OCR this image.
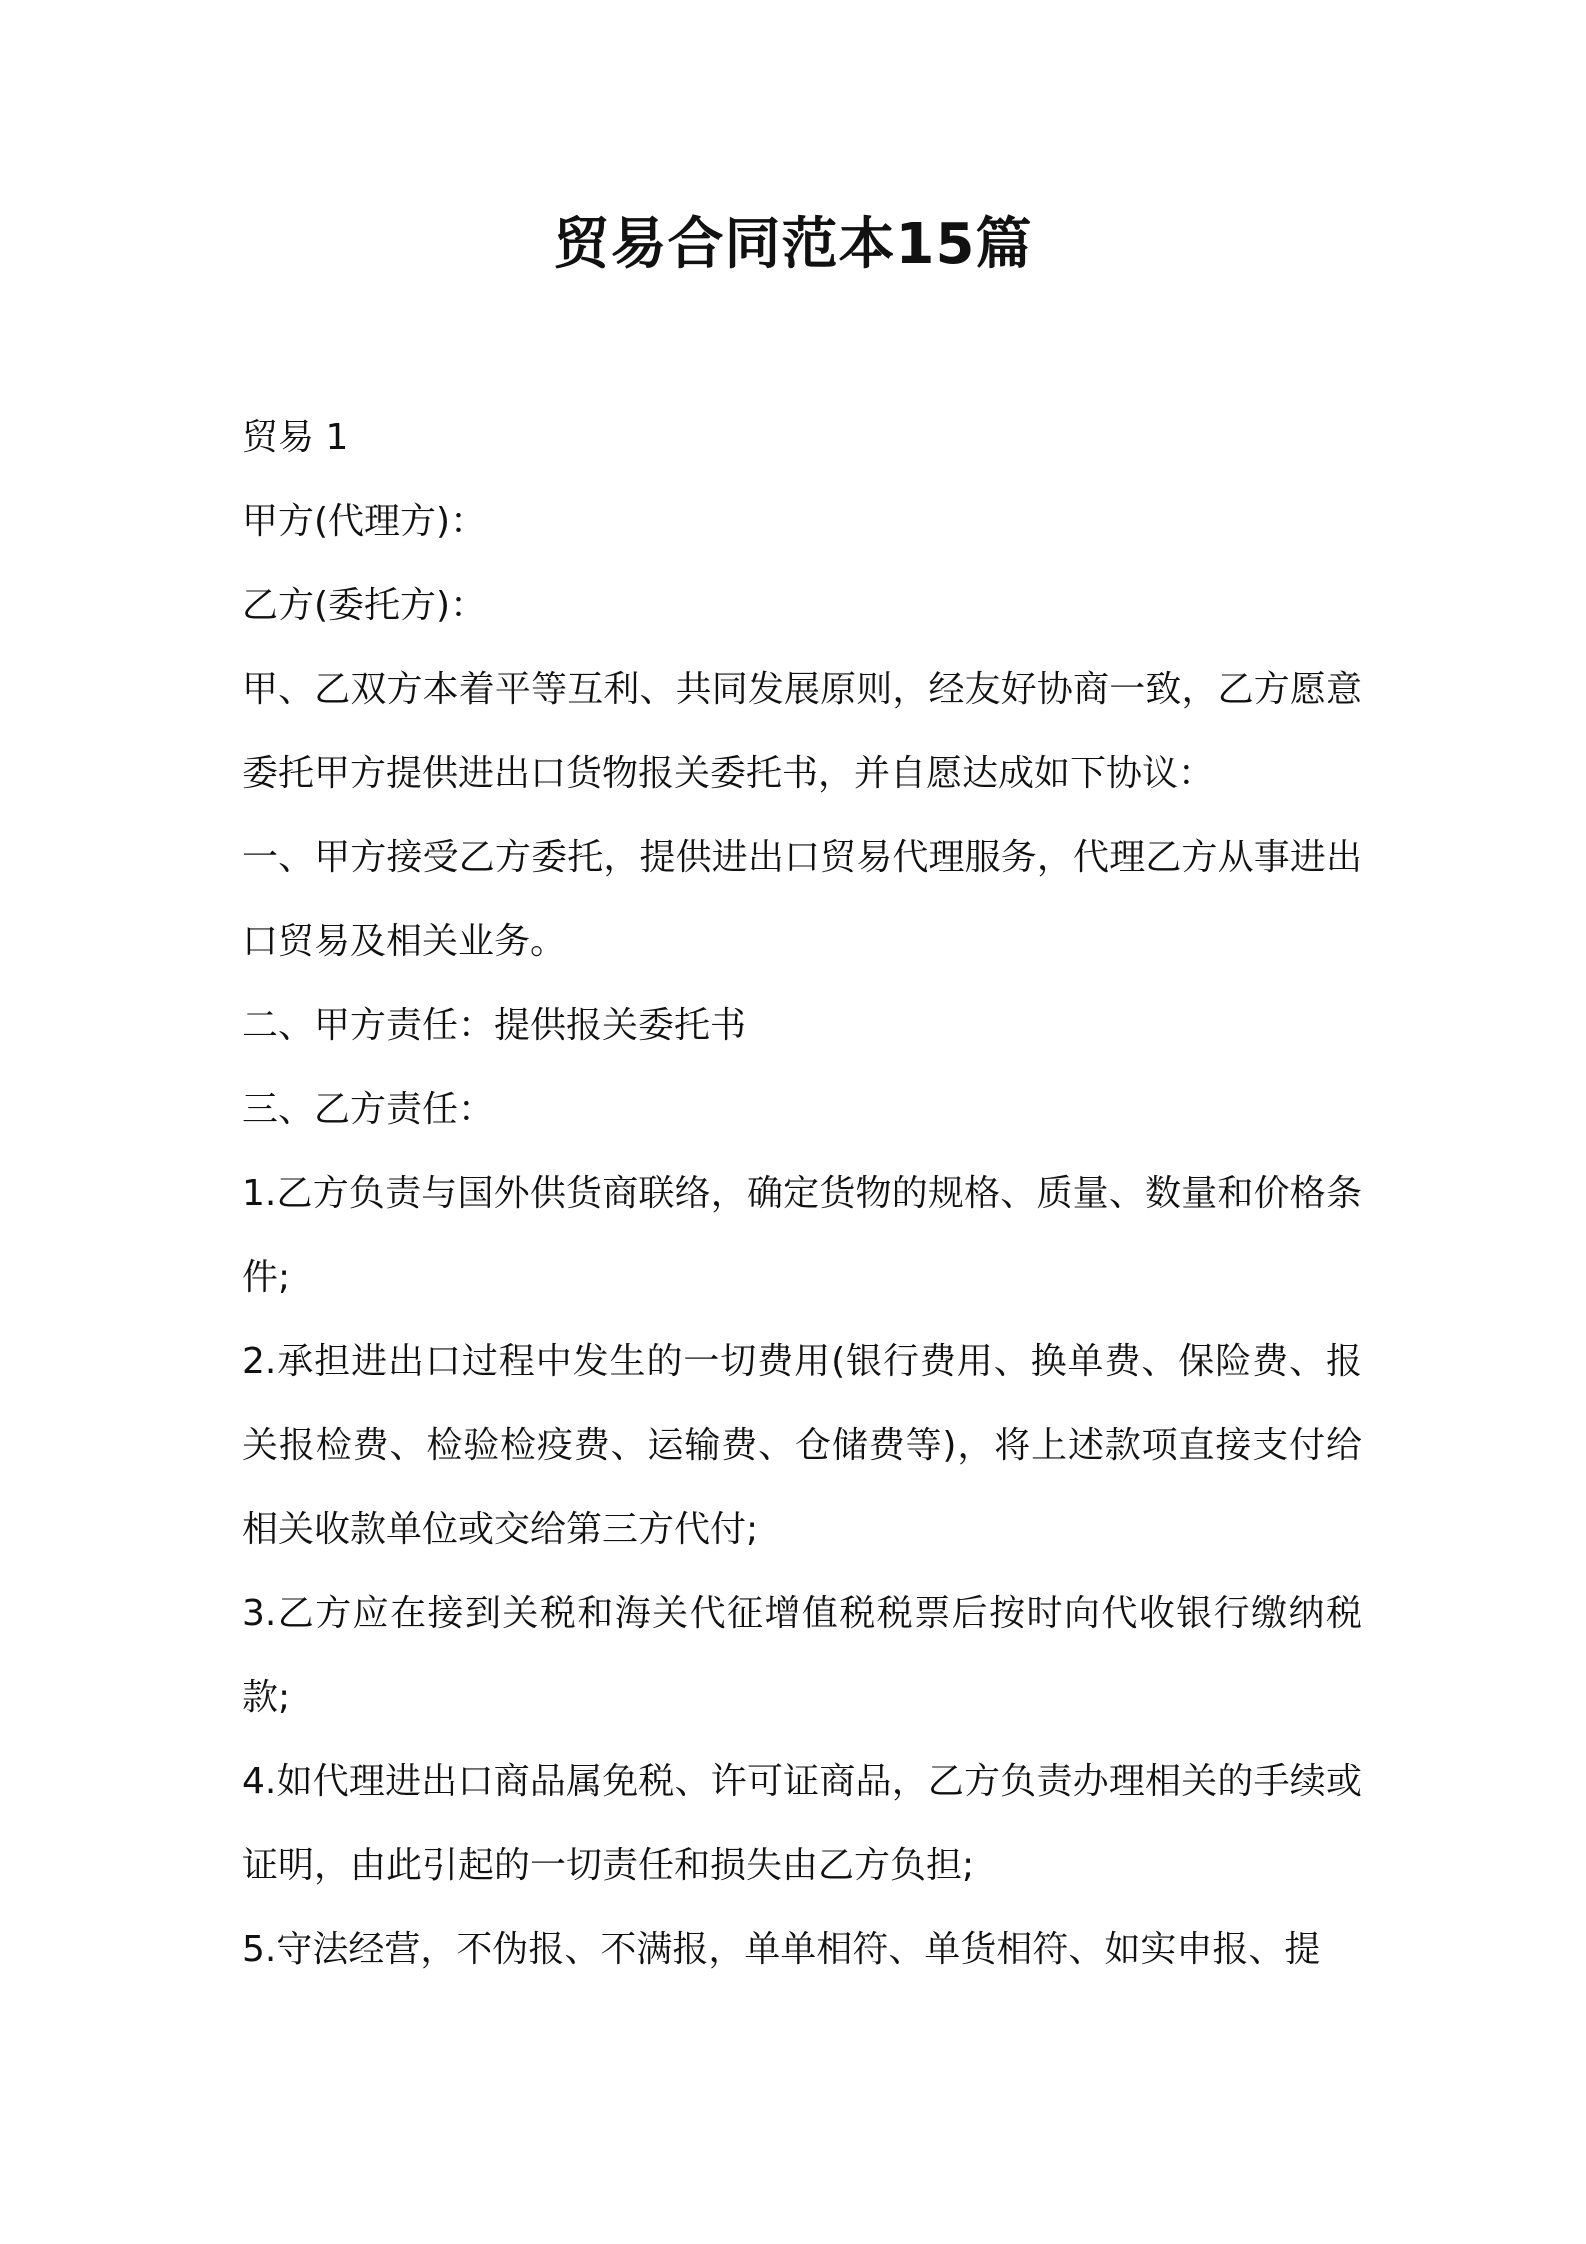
贸易合同范本15篇

贸易 1

甲方(代理方)：

乙方(委托方)：

甲、乙双方本着平等互利、共同发展原则，经友好协商一致，乙方愿意委托甲方提供进出口货物报关委托书，并自愿达成如下协议：

一、甲方接受乙方委托，提供进出口贸易代理服务，代理乙方从事进出口贸易及相关业务。

二、甲方责任：提供报关委托书

三、乙方责任：

1.乙方负责与国外供货商联络，确定货物的规格、质量、数量和价格条件;

2.承担进出口过程中发生的一切费用(银行费用、换单费、保险费、报关报检费、检验检疫费、运输费、仓储费等)，将上述款项直接支付给相关收款单位或交给第三方代付;

3.乙方应在接到关税和海关代征增值税税票后按时向代收银行缴纳税款;

4.如代理进出口商品属免税、许可证商品，乙方负责办理相关的手续或证明，由此引起的一切责任和损失由乙方负担;

5.守法经营，不伪报、不满报，单单相符、单货相符、如实申报、提
